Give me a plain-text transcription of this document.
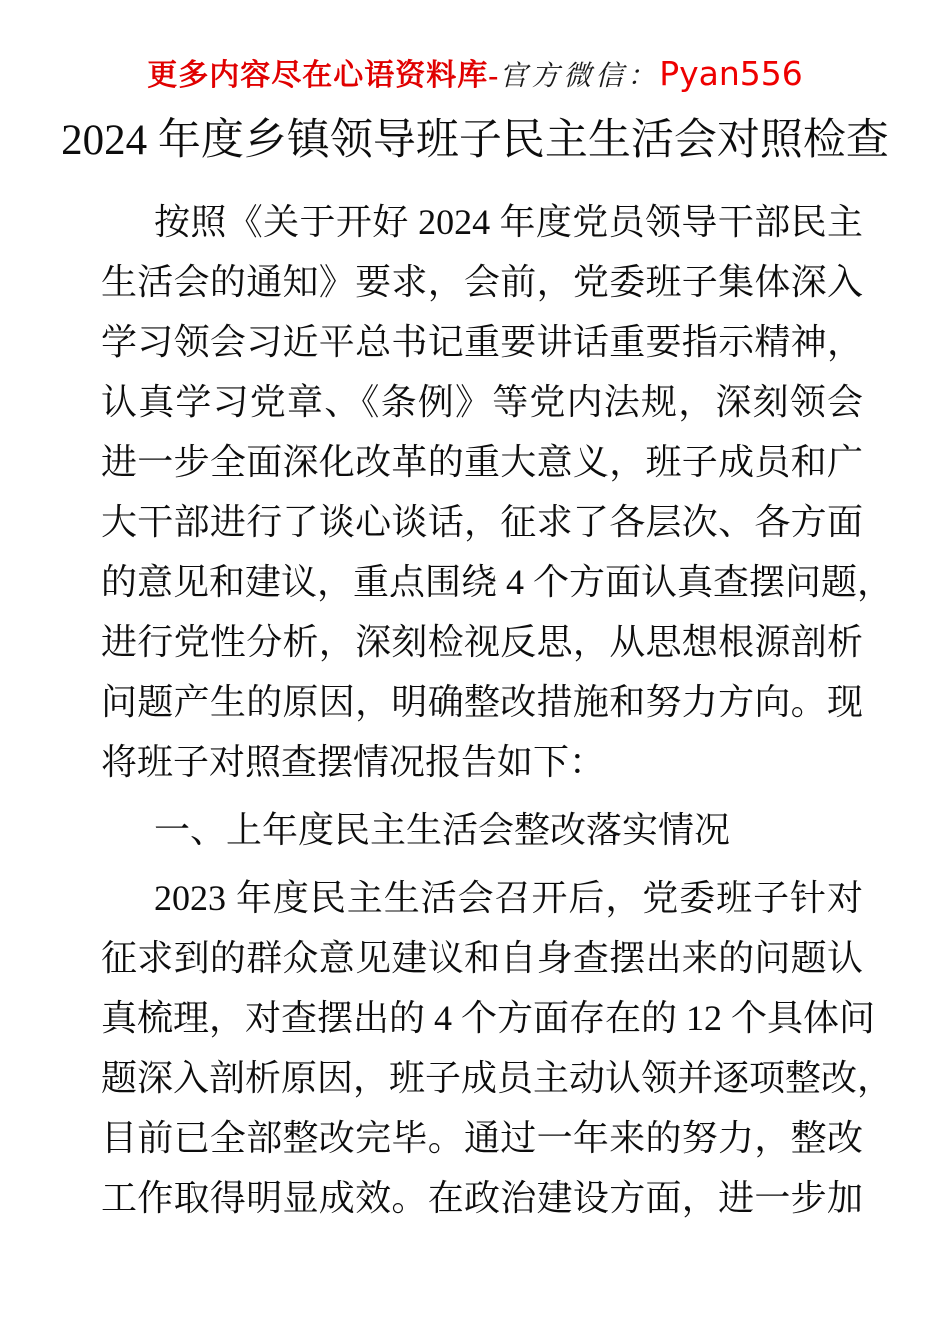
更多内容尽在心语资料库-官方微信：Pyan556
2024 年度乡镇领导班子民主生活会对照检查
按照《关于开好 2024 年度党员领导干部民主
生活会的通知》要求，会前，党委班子集体深入
学习领会习近平总书记重要讲话重要指示精神，
认真学习党章、《条例》等党内法规，深刻领会
进一步全面深化改革的重大意义，班子成员和广
大干部进行了谈心谈话，征求了各层次、各方面
的意见和建议，重点围绕 4 个方面认真查摆问题，
进行党性分析，深刻检视反思，从思想根源剖析
问题产生的原因，明确整改措施和努力方向。现
将班子对照查摆情况报告如下：
一、上年度民主生活会整改落实情况
2023 年度民主生活会召开后，党委班子针对
征求到的群众意见建议和自身查摆出来的问题认
真梳理，对查摆出的 4 个方面存在的 12 个具体问
题深入剖析原因，班子成员主动认领并逐项整改，
目前已全部整改完毕。通过一年来的努力，整改
工作取得明显成效。在政治建设方面，进一步加
